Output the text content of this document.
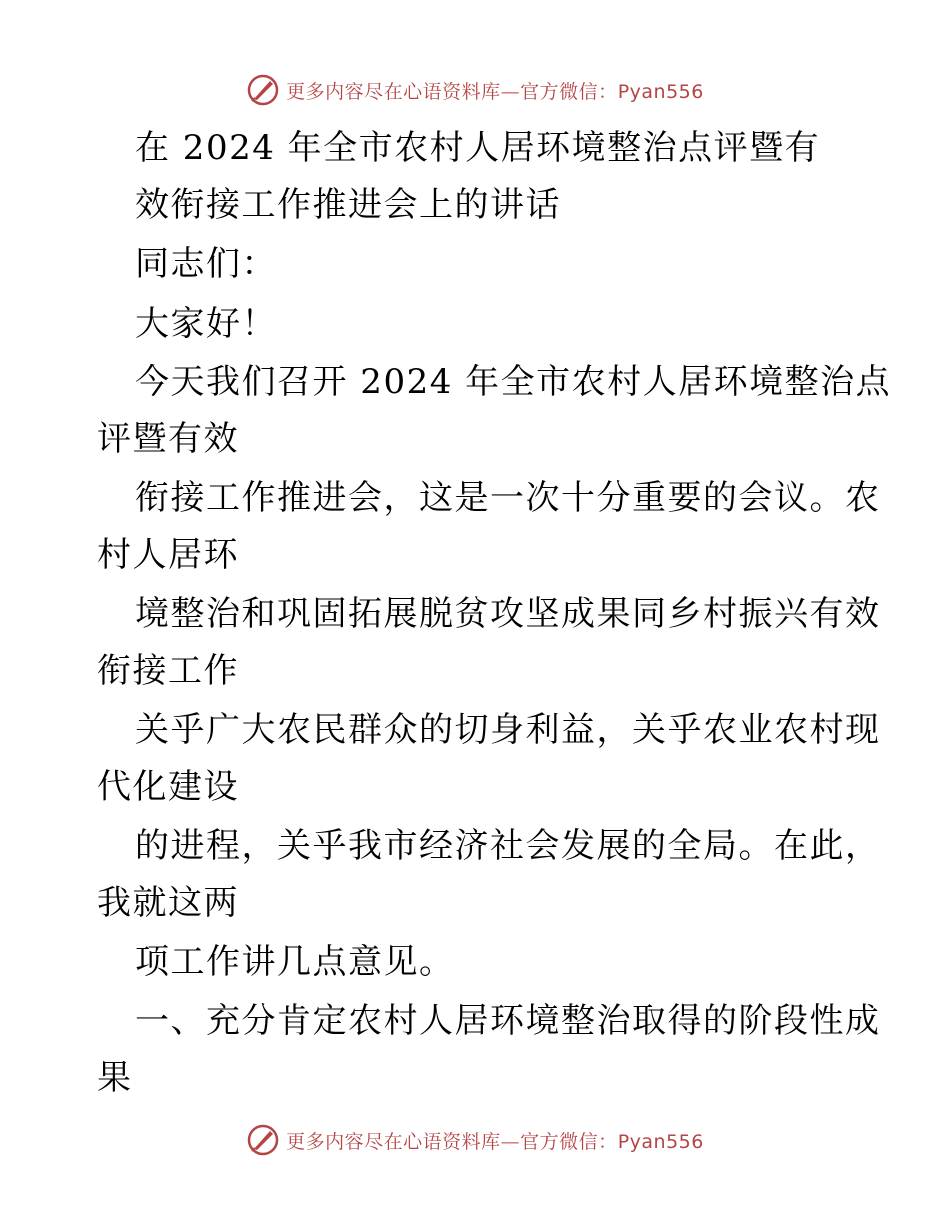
更多内容尽在心语资料库—官方微信：Pyan556
在 2024 年全市农村人居环境整治点评暨有
效衔接工作推进会上的讲话
同志们：
大家好！
今天我们召开 2024 年全市农村人居环境整治点
评暨有效
衔接工作推进会，这是一次十分重要的会议。农
村人居环
境整治和巩固拓展脱贫攻坚成果同乡村振兴有效
衔接工作
关乎广大农民群众的切身利益，关乎农业农村现
代化建设
的进程，关乎我市经济社会发展的全局。在此，
我就这两
项工作讲几点意见。
一、充分肯定农村人居环境整治取得的阶段性成
果
更多内容尽在心语资料库—官方微信：Pyan556
